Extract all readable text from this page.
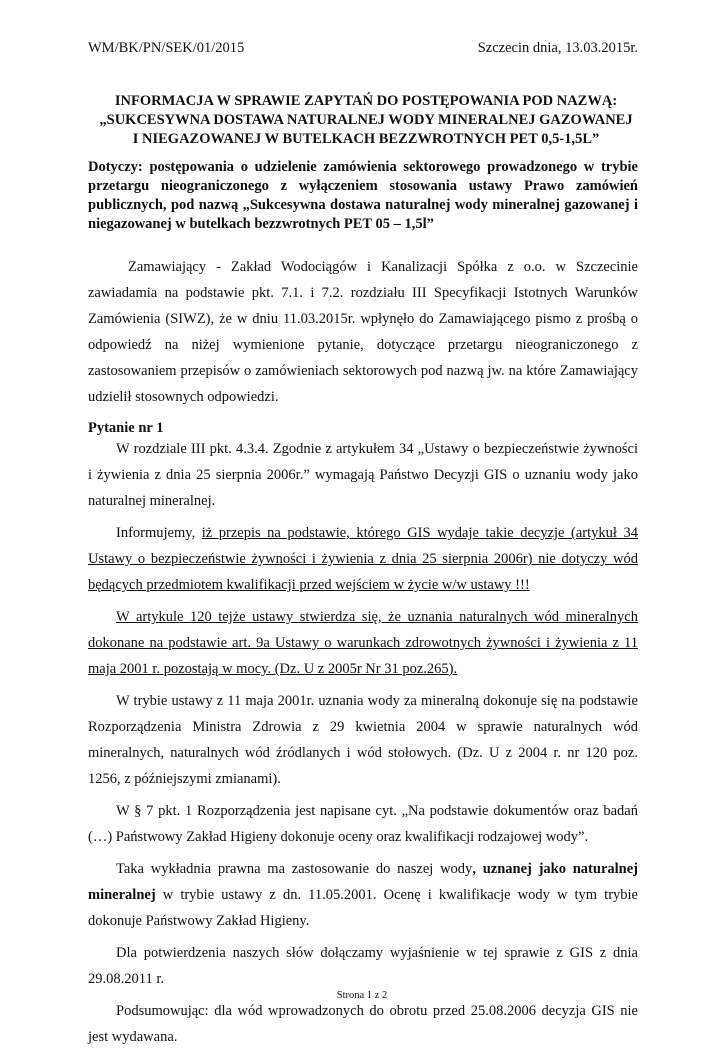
WM/BK/PN/SEK/01/2015	Szczecin dnia, 13.03.2015r.
INFORMACJA W SPRAWIE ZAPYTAŃ DO POSTĘPOWANIA POD NAZWĄ:
„SUKCESYWNA DOSTAWA NATURALNEJ WODY MINERALNEJ GAZOWANEJ
I NIEGAZOWANEJ W BUTELKACH BEZZWROTNYCH PET 0,5-1,5L”
Dotyczy: postępowania o udzielenie zamówienia sektorowego prowadzonego w trybie przetargu nieograniczonego z wyłączeniem stosowania ustawy Prawo zamówień publicznych, pod nazwą „Sukcesywna dostawa naturalnej wody mineralnej gazowanej i niegazowanej w butelkach bezzwrotnych PET 05 – 1,5l”

Zamawiający - Zakład Wodociągów i Kanalizacji Spółka z o.o. w Szczecinie zawiadamia na podstawie pkt. 7.1. i 7.2. rozdziału III Specyfikacji Istotnych Warunków Zamówienia (SIWZ), że w dniu 11.03.2015r. wpłynęło do Zamawiającego pismo z prośbą o odpowiedź na niżej wymienione pytanie, dotyczące przetargu nieograniczonego z zastosowaniem przepisów o zamówieniach sektorowych pod nazwą jw. na które Zamawiający udzielił stosownych odpowiedzi.

Pytanie nr 1

W rozdziale III pkt. 4.3.4. Zgodnie z artykułem 34 „Ustawy o bezpieczeństwie żywności i żywienia z dnia 25 sierpnia 2006r.” wymagają Państwo Decyzji GIS o uznaniu wody jako naturalnej mineralnej.

Informujemy, iż przepis na podstawie, którego GIS wydaje takie decyzje (artykuł 34 Ustawy o bezpieczeństwie żywności i żywienia z dnia 25 sierpnia 2006r) nie dotyczy wód będących przedmiotem kwalifikacji przed wejściem w życie w/w ustawy !!!

W artykule 120 tejże ustawy stwierdza się, że uznania naturalnych wód mineralnych dokonane na podstawie art. 9a Ustawy o warunkach zdrowotnych żywności i żywienia z 11 maja 2001 r. pozostają w mocy. (Dz. U z 2005r Nr 31 poz.265).

W trybie ustawy z 11 maja 2001r. uznania wody za mineralną dokonuje się na podstawie Rozporządzenia Ministra Zdrowia z 29 kwietnia 2004 w sprawie naturalnych wód mineralnych, naturalnych wód źródlanych i wód stołowych. (Dz. U z 2004 r. nr 120 poz. 1256, z późniejszymi zmianami).

W § 7 pkt. 1 Rozporządzenia jest napisane cyt. „Na podstawie dokumentów oraz badań (…) Państwowy Zakład Higieny dokonuje oceny oraz kwalifikacji rodzajowej wody”.

Taka wykładnia prawna ma zastosowanie do naszej wody, uznanej jako naturalnej mineralnej w trybie ustawy z dn. 11.05.2001. Ocenę i kwalifikacje wody w tym trybie dokonuje Państwowy Zakład Higieny.

Dla potwierdzenia naszych słów dołączamy wyjaśnienie w tej sprawie z GIS z dnia 29.08.2011 r.

Podsumowując: dla wód wprowadzonych do obrotu przed 25.08.2006 decyzja GIS nie jest wydawana.

Strona 1 z 2
